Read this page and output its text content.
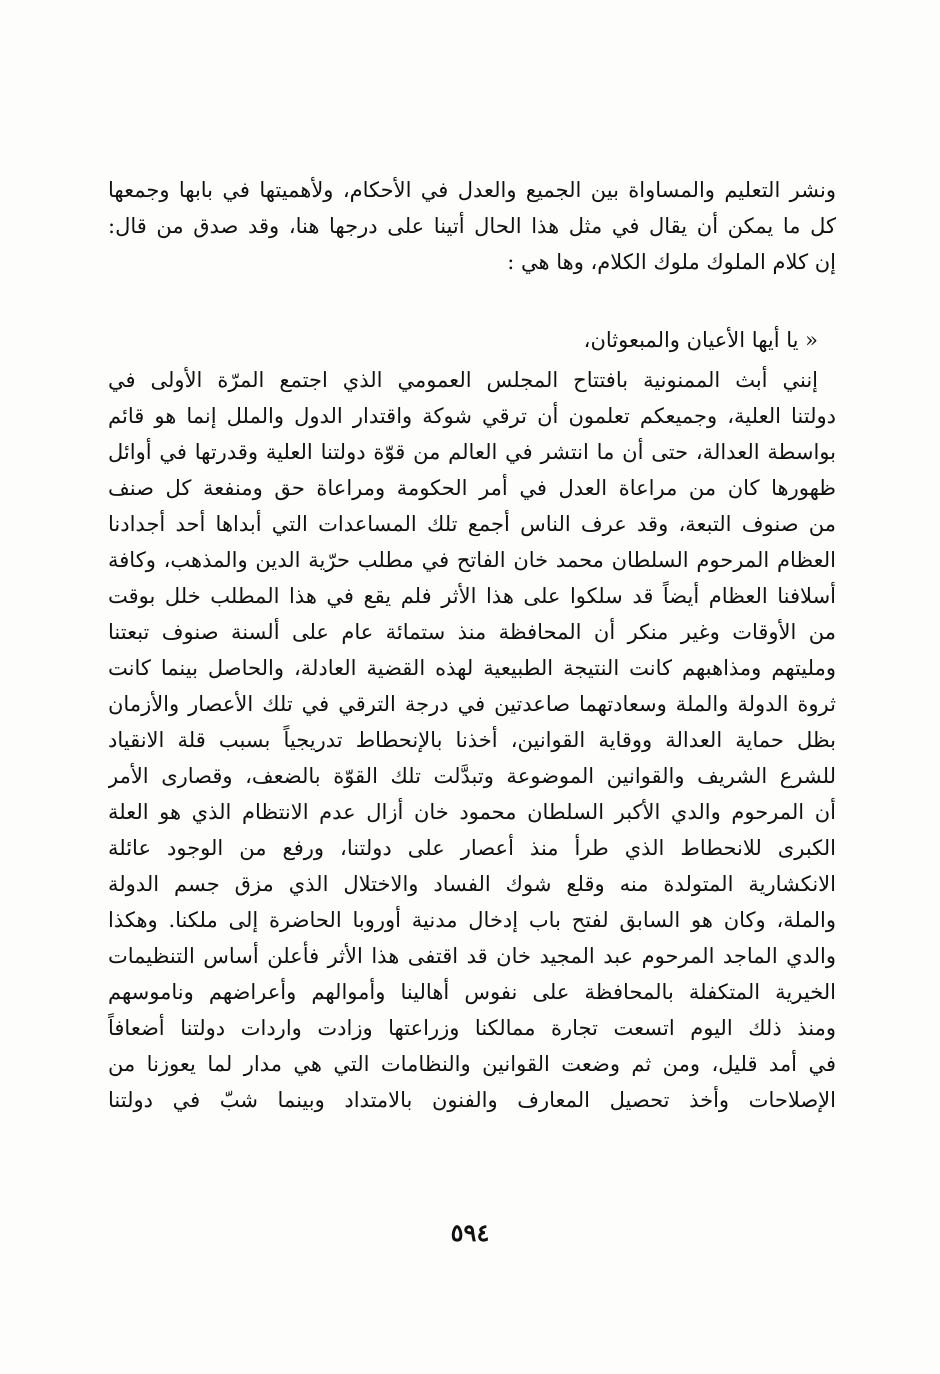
ونشر التعليم والمساواة بين الجميع والعدل في الأحكام، ولأهميتها في بابها وجمعها
كل ما يمكن أن يقال في مثل هذا الحال أتينا على درجها هنا، وقد صدق من قال:
إن كلام الملوك ملوك الكلام، وها هي :
« يا أيها الأعيان والمبعوثان،
إنني أبث الممنونية بافتتاح المجلس العمومي الذي اجتمع المرّة الأولى في
دولتنا العلية، وجميعكم تعلمون أن ترقي شوكة واقتدار الدول والملل إنما هو قائم
بواسطة العدالة، حتى أن ما انتشر في العالم من قوّة دولتنا العلية وقدرتها في أوائل
ظهورها كان من مراعاة العدل في أمر الحكومة ومراعاة حق ومنفعة كل صنف
من صنوف التبعة، وقد عرف الناس أجمع تلك المساعدات التي أبداها أحد أجدادنا
العظام المرحوم السلطان محمد خان الفاتح في مطلب حرّية الدين والمذهب، وكافة
أسلافنا العظام أيضاً قد سلكوا على هذا الأثر فلم يقع في هذا المطلب خلل بوقت
من الأوقات وغير منكر أن المحافظة منذ ستمائة عام على ألسنة صنوف تبعتنا
ومليتهم ومذاهبهم كانت النتيجة الطبيعية لهذه القضية العادلة، والحاصل بينما كانت
ثروة الدولة والملة وسعادتهما صاعدتين في درجة الترقي في تلك الأعصار والأزمان
بظل حماية العدالة ووقاية القوانين، أخذنا بالإنحطاط تدريجياً بسبب قلة الانقياد
للشرع الشريف والقوانين الموضوعة وتبدَّلت تلك القوّة بالضعف، وقصارى الأمر
أن المرحوم والدي الأكبر السلطان محمود خان أزال عدم الانتظام الذي هو العلة
الكبرى للانحطاط الذي طرأ منذ أعصار على دولتنا، ورفع من الوجود عائلة
الانكشارية المتولدة منه وقلع شوك الفساد والاختلال الذي مزق جسم الدولة
والملة، وكان هو السابق لفتح باب إدخال مدنية أوروبا الحاضرة إلى ملكنا. وهكذا
والدي الماجد المرحوم عبد المجيد خان قد اقتفى هذا الأثر فأعلن أساس التنظيمات
الخيرية المتكفلة بالمحافظة على نفوس أهالينا وأموالهم وأعراضهم وناموسهم
ومنذ ذلك اليوم اتسعت تجارة ممالكنا وزراعتها وزادت واردات دولتنا أضعافاً
في أمد قليل، ومن ثم وضعت القوانين والنظامات التي هي مدار لما يعوزنا من
الإصلاحات وأخذ تحصيل المعارف والفنون بالامتداد وبينما شبّ في دولتنا
٥٩٤
